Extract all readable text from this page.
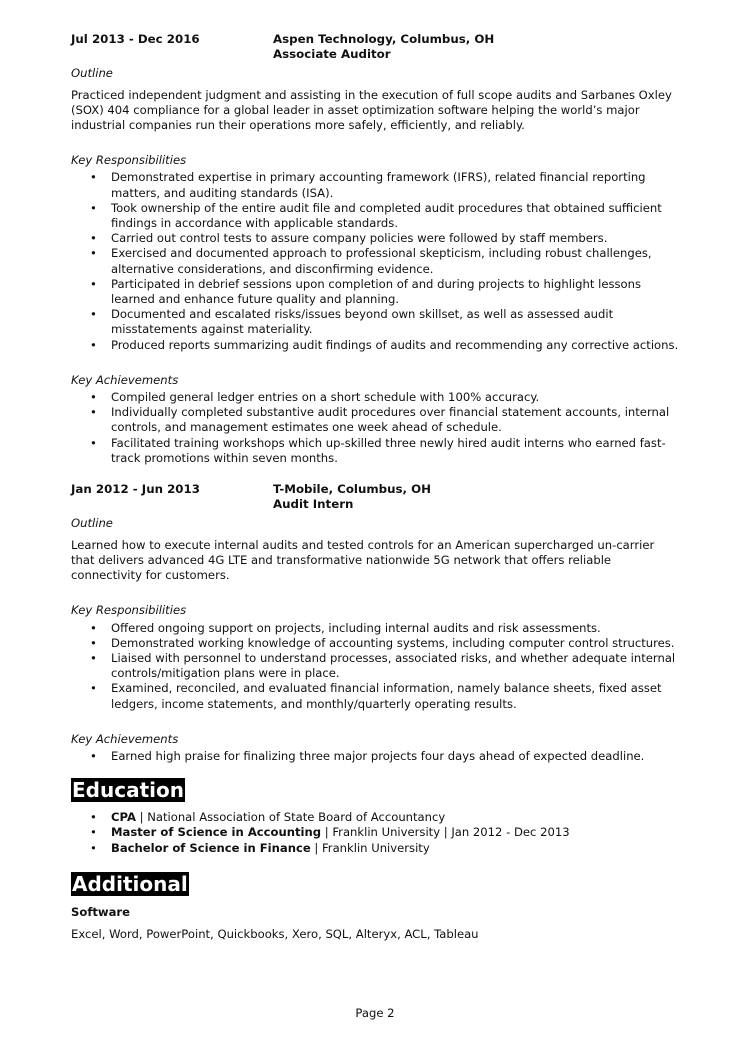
Jul 2013 - Dec 2016	Aspen Technology, Columbus, OH
Associate Auditor
Outline
Practiced independent judgment and assisting in the execution of full scope audits and Sarbanes Oxley (SOX) 404 compliance for a global leader in asset optimization software helping the world’s major industrial companies run their operations more safely, efficiently, and reliably.
Key Responsibilities
• Demonstrated expertise in primary accounting framework (IFRS), related financial reporting matters, and auditing standards (ISA).
• Took ownership of the entire audit file and completed audit procedures that obtained sufficient findings in accordance with applicable standards.
• Carried out control tests to assure company policies were followed by staff members.
• Exercised and documented approach to professional skepticism, including robust challenges, alternative considerations, and disconfirming evidence.
• Participated in debrief sessions upon completion of and during projects to highlight lessons learned and enhance future quality and planning.
• Documented and escalated risks/issues beyond own skillset, as well as assessed audit misstatements against materiality.
• Produced reports summarizing audit findings of audits and recommending any corrective actions.
Key Achievements
• Compiled general ledger entries on a short schedule with 100% accuracy.
• Individually completed substantive audit procedures over financial statement accounts, internal controls, and management estimates one week ahead of schedule.
• Facilitated training workshops which up-skilled three newly hired audit interns who earned fast-track promotions within seven months.
Jan 2012 - Jun 2013	T-Mobile, Columbus, OH
Audit Intern
Outline
Learned how to execute internal audits and tested controls for an American supercharged un-carrier that delivers advanced 4G LTE and transformative nationwide 5G network that offers reliable connectivity for customers.
Key Responsibilities
• Offered ongoing support on projects, including internal audits and risk assessments.
• Demonstrated working knowledge of accounting systems, including computer control structures.
• Liaised with personnel to understand processes, associated risks, and whether adequate internal controls/mitigation plans were in place.
• Examined, reconciled, and evaluated financial information, namely balance sheets, fixed asset ledgers, income statements, and monthly/quarterly operating results.
Key Achievements
• Earned high praise for finalizing three major projects four days ahead of expected deadline.
Education
• CPA | National Association of State Board of Accountancy
• Master of Science in Accounting | Franklin University | Jan 2012 - Dec 2013
• Bachelor of Science in Finance | Franklin University
Additional
Software
Excel, Word, PowerPoint, Quickbooks, Xero, SQL, Alteryx, ACL, Tableau
Page 2
